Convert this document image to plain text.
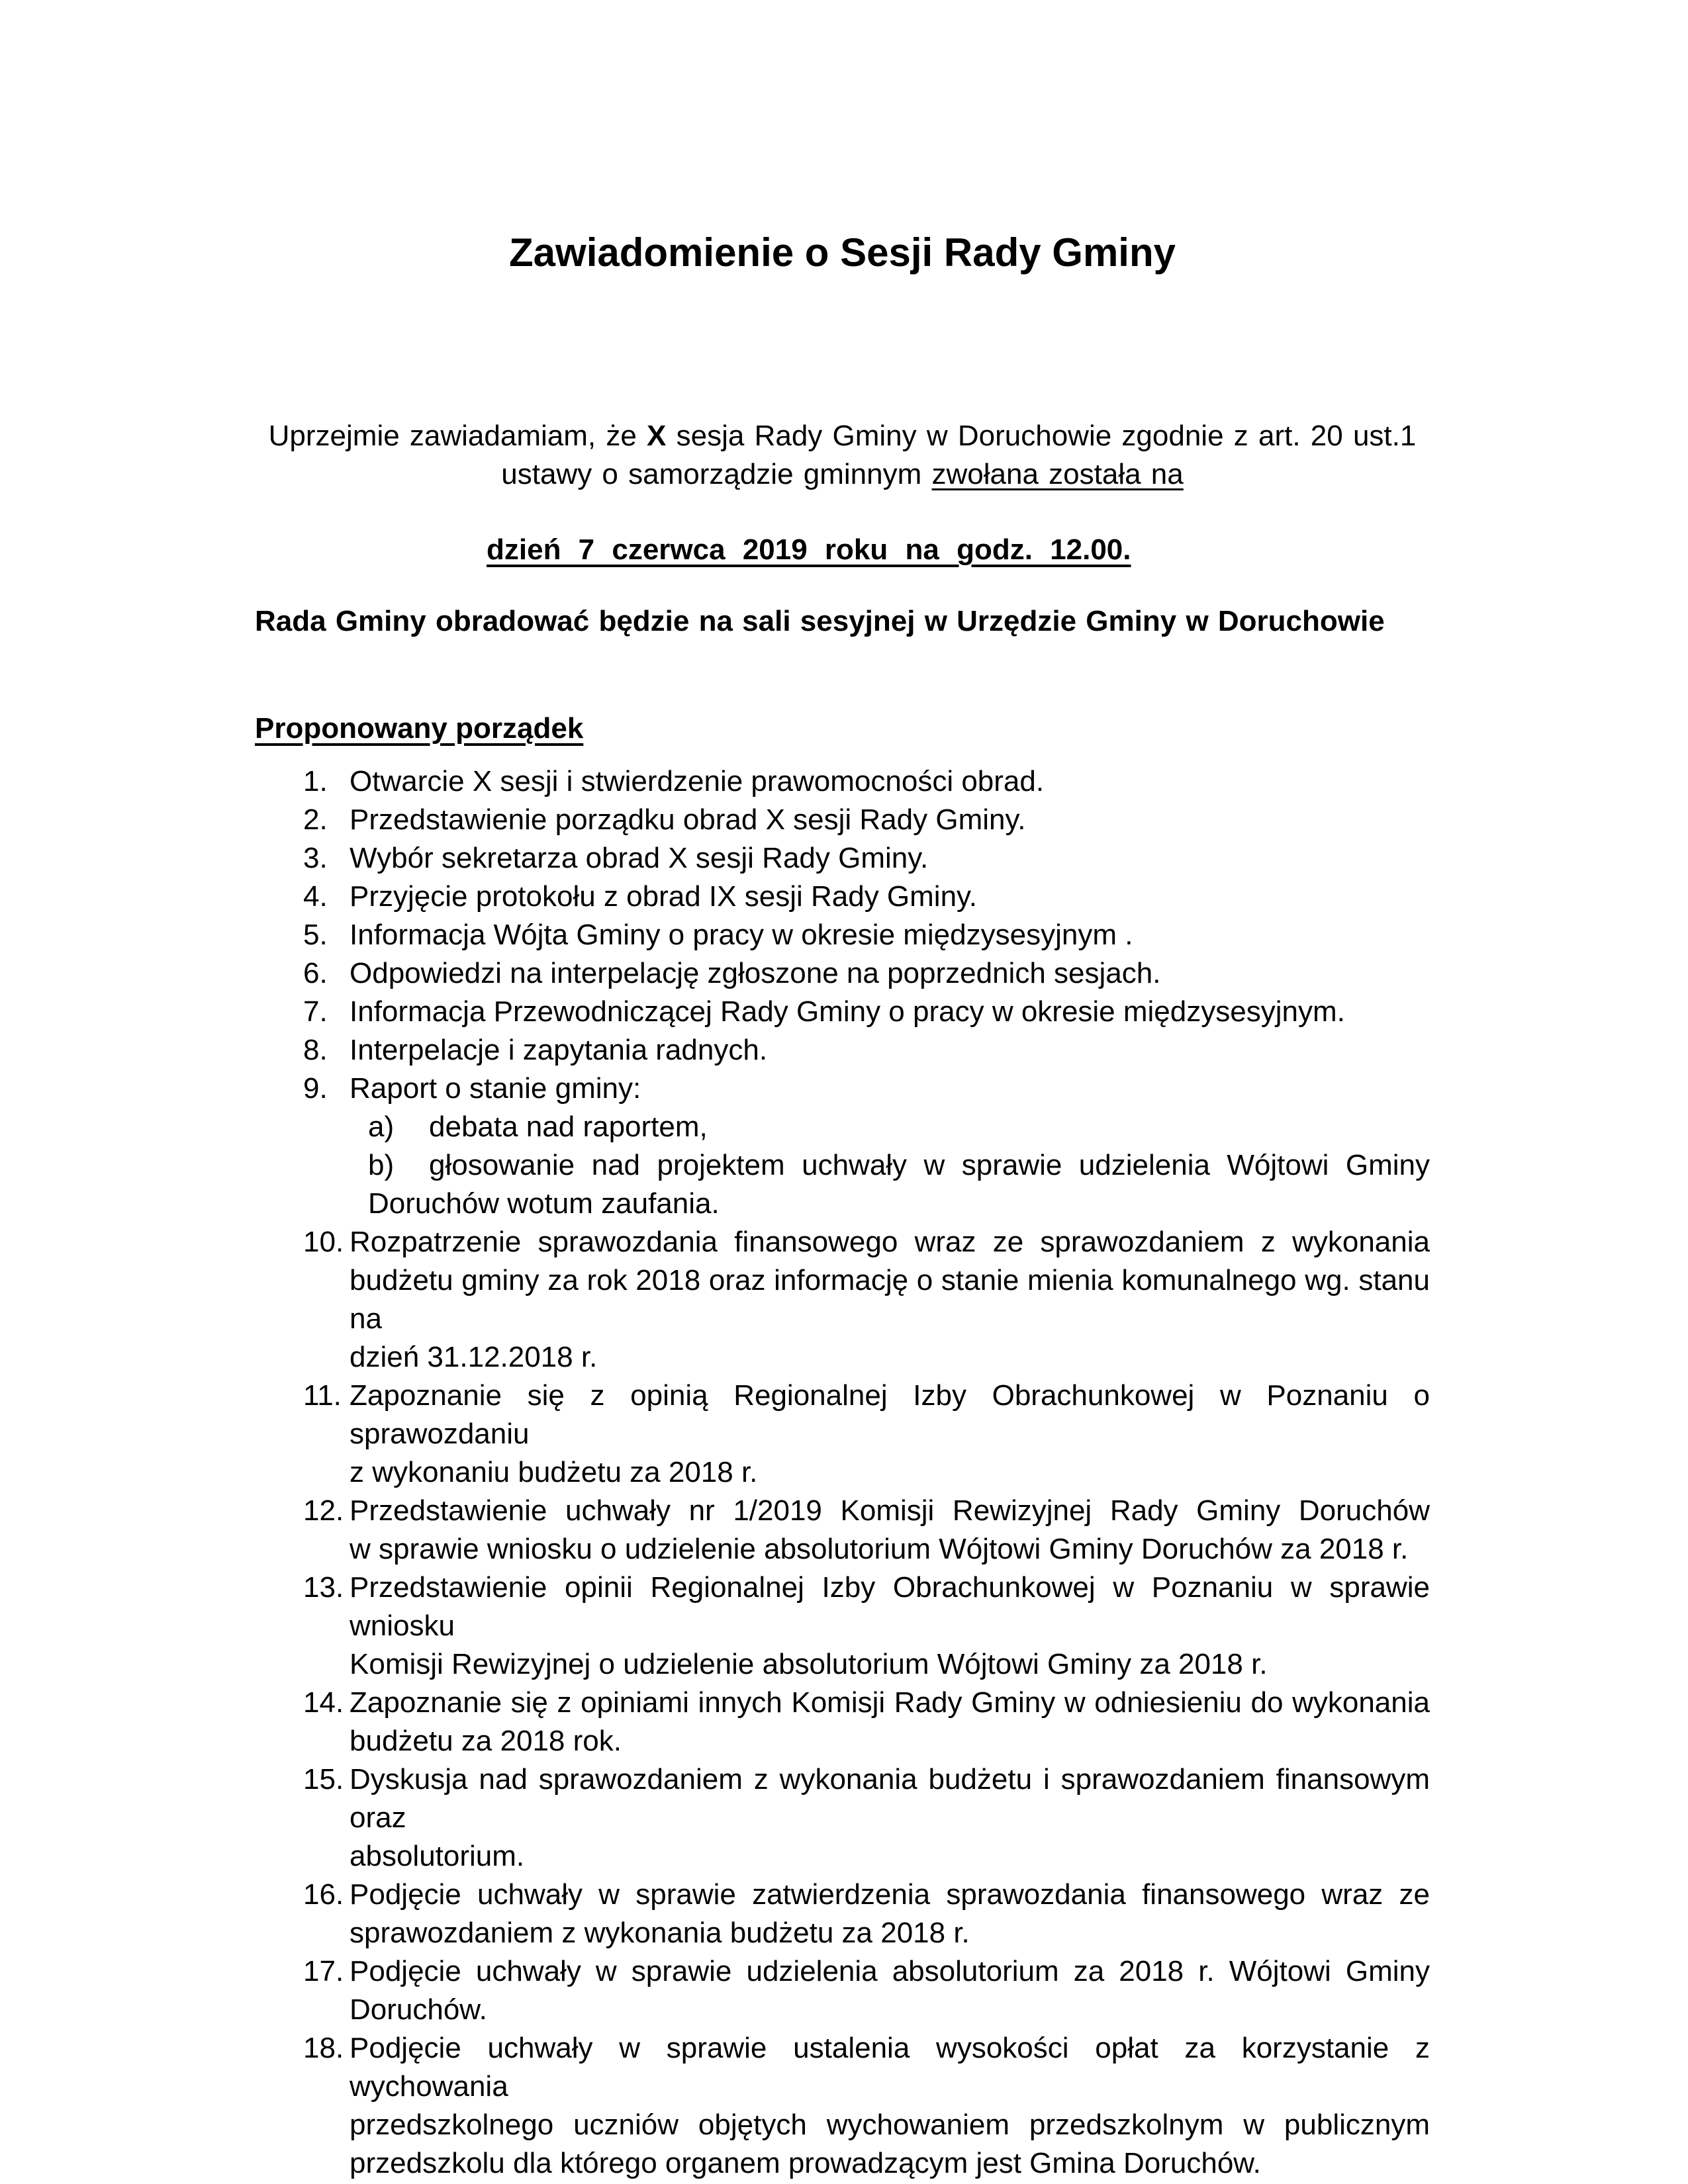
Zawiadomienie o Sesji Rady Gminy

Uprzejmie zawiadamiam, że X sesja Rady Gminy w Doruchowie zgodnie z art. 20 ust.1
ustawy o samorządzie gminnym zwołana została na

dzień 7 czerwca 2019 roku na godz. 12.00.

Rada Gminy obradować będzie na sali sesyjnej w Urzędzie Gminy w Doruchowie

Proponowany porządek
1. Otwarcie X sesji i stwierdzenie prawomocności obrad.
2. Przedstawienie porządku obrad X sesji Rady Gminy.
3. Wybór sekretarza obrad X sesji Rady Gminy.
4. Przyjęcie protokołu z obrad IX sesji Rady Gminy.
5. Informacja Wójta Gminy o pracy w okresie międzysesyjnym .
6. Odpowiedzi na interpelację zgłoszone na poprzednich sesjach.
7. Informacja Przewodniczącej Rady Gminy o pracy w okresie międzysesyjnym.
8. Interpelacje i zapytania radnych.
9. Raport o stanie gminy:
a) debata nad raportem,
b) głosowanie nad projektem uchwały w sprawie udzielenia Wójtowi Gminy
Doruchów wotum zaufania.
10. Rozpatrzenie sprawozdania finansowego wraz ze sprawozdaniem z wykonania
budżetu gminy za rok 2018 oraz informację o stanie mienia komunalnego wg. stanu na
dzień 31.12.2018 r.
11. Zapoznanie się z opinią Regionalnej Izby Obrachunkowej w Poznaniu o sprawozdaniu
z wykonaniu budżetu za 2018 r.
12. Przedstawienie uchwały nr 1/2019 Komisji Rewizyjnej Rady Gminy Doruchów
w sprawie wniosku o udzielenie absolutorium Wójtowi Gminy Doruchów za 2018 r.
13. Przedstawienie opinii Regionalnej Izby Obrachunkowej w Poznaniu w sprawie wniosku
Komisji Rewizyjnej o udzielenie absolutorium Wójtowi Gminy za 2018 r.
14. Zapoznanie się z opiniami innych Komisji Rady Gminy w odniesieniu do wykonania
budżetu za 2018 rok.
15. Dyskusja nad sprawozdaniem z wykonania budżetu i sprawozdaniem finansowym oraz
absolutorium.
16. Podjęcie uchwały w sprawie zatwierdzenia sprawozdania finansowego wraz ze
sprawozdaniem z wykonania budżetu za 2018 r.
17. Podjęcie uchwały w sprawie udzielenia absolutorium za 2018 r. Wójtowi Gminy
Doruchów.
18. Podjęcie uchwały w sprawie ustalenia wysokości opłat za korzystanie z wychowania
przedszkolnego uczniów objętych wychowaniem przedszkolnym w publicznym
przedszkolu dla którego organem prowadzącym jest Gmina Doruchów.
